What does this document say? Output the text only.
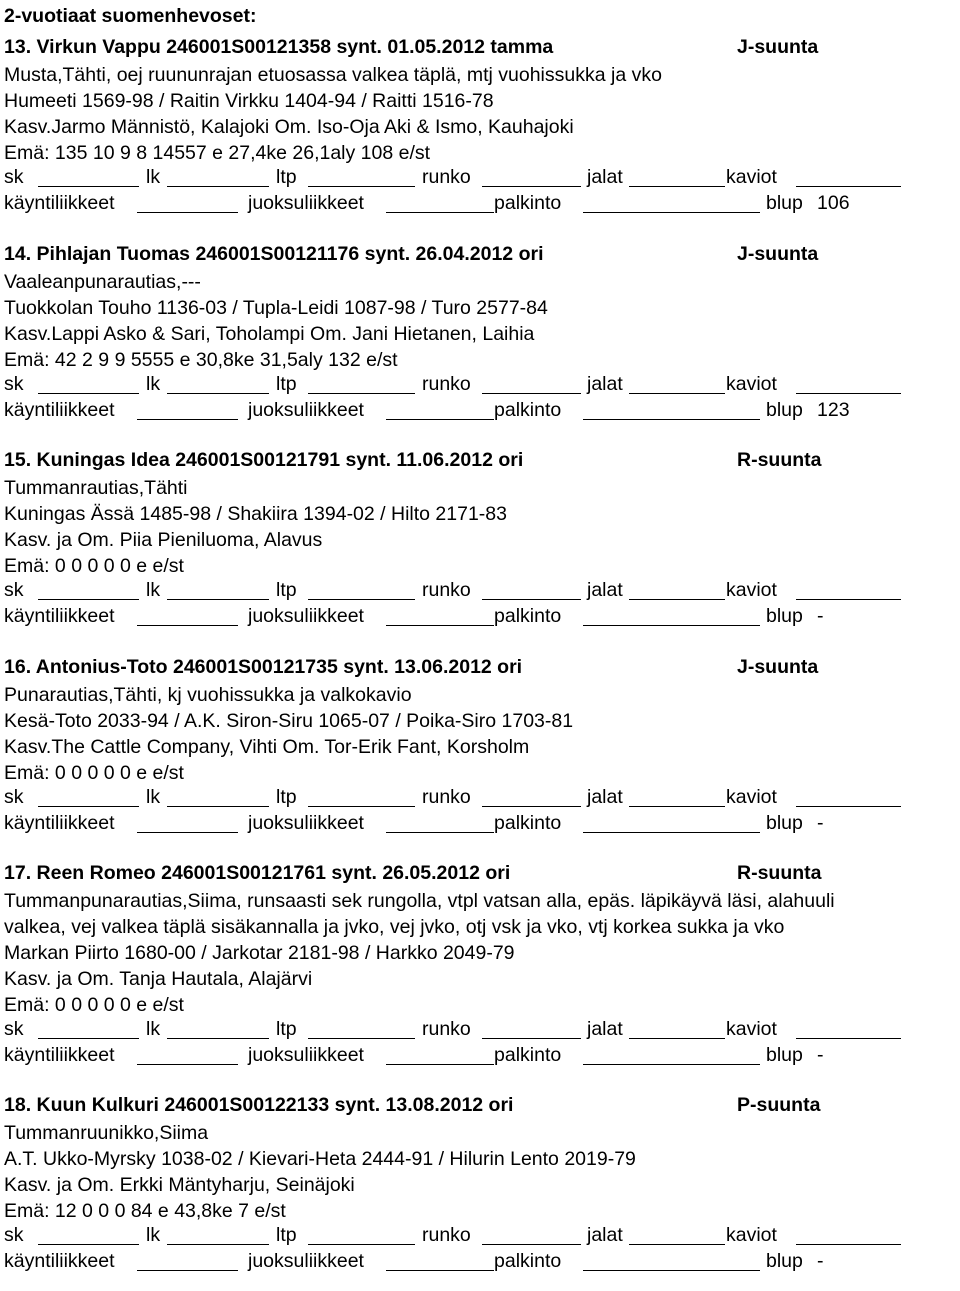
2-vuotiaat suomenhevoset:
13. Virkun Vappu 246001S00121358 synt. 01.05.2012 tamma	J-suunta
Musta,Tähti, oej ruununrajan etuosassa valkea täplä, mtj vuohissukka ja vko
Humeeti 1569-98 / Raitin Virkku 1404-94 / Raitti 1516-78
Kasv.Jarmo Männistö, Kalajoki Om. Iso-Oja Aki & Ismo, Kauhajoki
Emä: 135 10 9 8 14557 e 27,4ke 26,1aly 108 e/st
sk	lk	ltp	runko	jalat	kaviot
käyntiliikkeet	juoksuliikkeet	palkinto	blup 106
14. Pihlajan Tuomas 246001S00121176 synt. 26.04.2012 ori	J-suunta
Vaaleanpunarautias,---
Tuokkolan Touho 1136-03 / Tupla-Leidi 1087-98 / Turo 2577-84
Kasv.Lappi Asko & Sari, Toholampi Om. Jani Hietanen, Laihia
Emä: 42 2 9 9 5555 e 30,8ke 31,5aly 132 e/st
sk	lk	ltp	runko	jalat	kaviot
käyntiliikkeet	juoksuliikkeet	palkinto	blup 123
15. Kuningas Idea 246001S00121791 synt. 11.06.2012 ori	R-suunta
Tummanrautias,Tähti
Kuningas Ässä 1485-98 / Shakiira 1394-02 / Hilto 2171-83
Kasv. ja Om. Piia Pieniluoma, Alavus
Emä: 0 0 0 0 0 e e/st
sk	lk	ltp	runko	jalat	kaviot
käyntiliikkeet	juoksuliikkeet	palkinto	blup -
16. Antonius-Toto 246001S00121735 synt. 13.06.2012 ori	J-suunta
Punarautias,Tähti, kj vuohissukka ja valkokavio
Kesä-Toto 2033-94 / A.K. Siron-Siru 1065-07 / Poika-Siro 1703-81
Kasv.The Cattle Company, Vihti Om. Tor-Erik Fant, Korsholm
Emä: 0 0 0 0 0 e e/st
sk	lk	ltp	runko	jalat	kaviot
käyntiliikkeet	juoksuliikkeet	palkinto	blup -
17. Reen Romeo 246001S00121761 synt. 26.05.2012 ori	R-suunta
Tummanpunarautias,Siima, runsaasti sek rungolla, vtpl vatsan alla, epäs. läpikäyvä läsi, alahuuli
valkea, vej valkea täplä sisäkannalla ja jvko, vej jvko, otj vsk ja vko, vtj korkea sukka ja vko
Markan Piirto 1680-00 / Jarkotar 2181-98 / Harkko 2049-79
Kasv. ja Om. Tanja Hautala, Alajärvi
Emä: 0 0 0 0 0 e e/st
sk	lk	ltp	runko	jalat	kaviot
käyntiliikkeet	juoksuliikkeet	palkinto	blup -
18. Kuun Kulkuri 246001S00122133 synt. 13.08.2012 ori	P-suunta
Tummanruunikko,Siima
A.T. Ukko-Myrsky 1038-02 / Kievari-Heta 2444-91 / Hilurin Lento 2019-79
Kasv. ja Om. Erkki Mäntyharju, Seinäjoki
Emä: 12 0 0 0 84 e 43,8ke 7 e/st
sk	lk	ltp	runko	jalat	kaviot
käyntiliikkeet	juoksuliikkeet	palkinto	blup -
